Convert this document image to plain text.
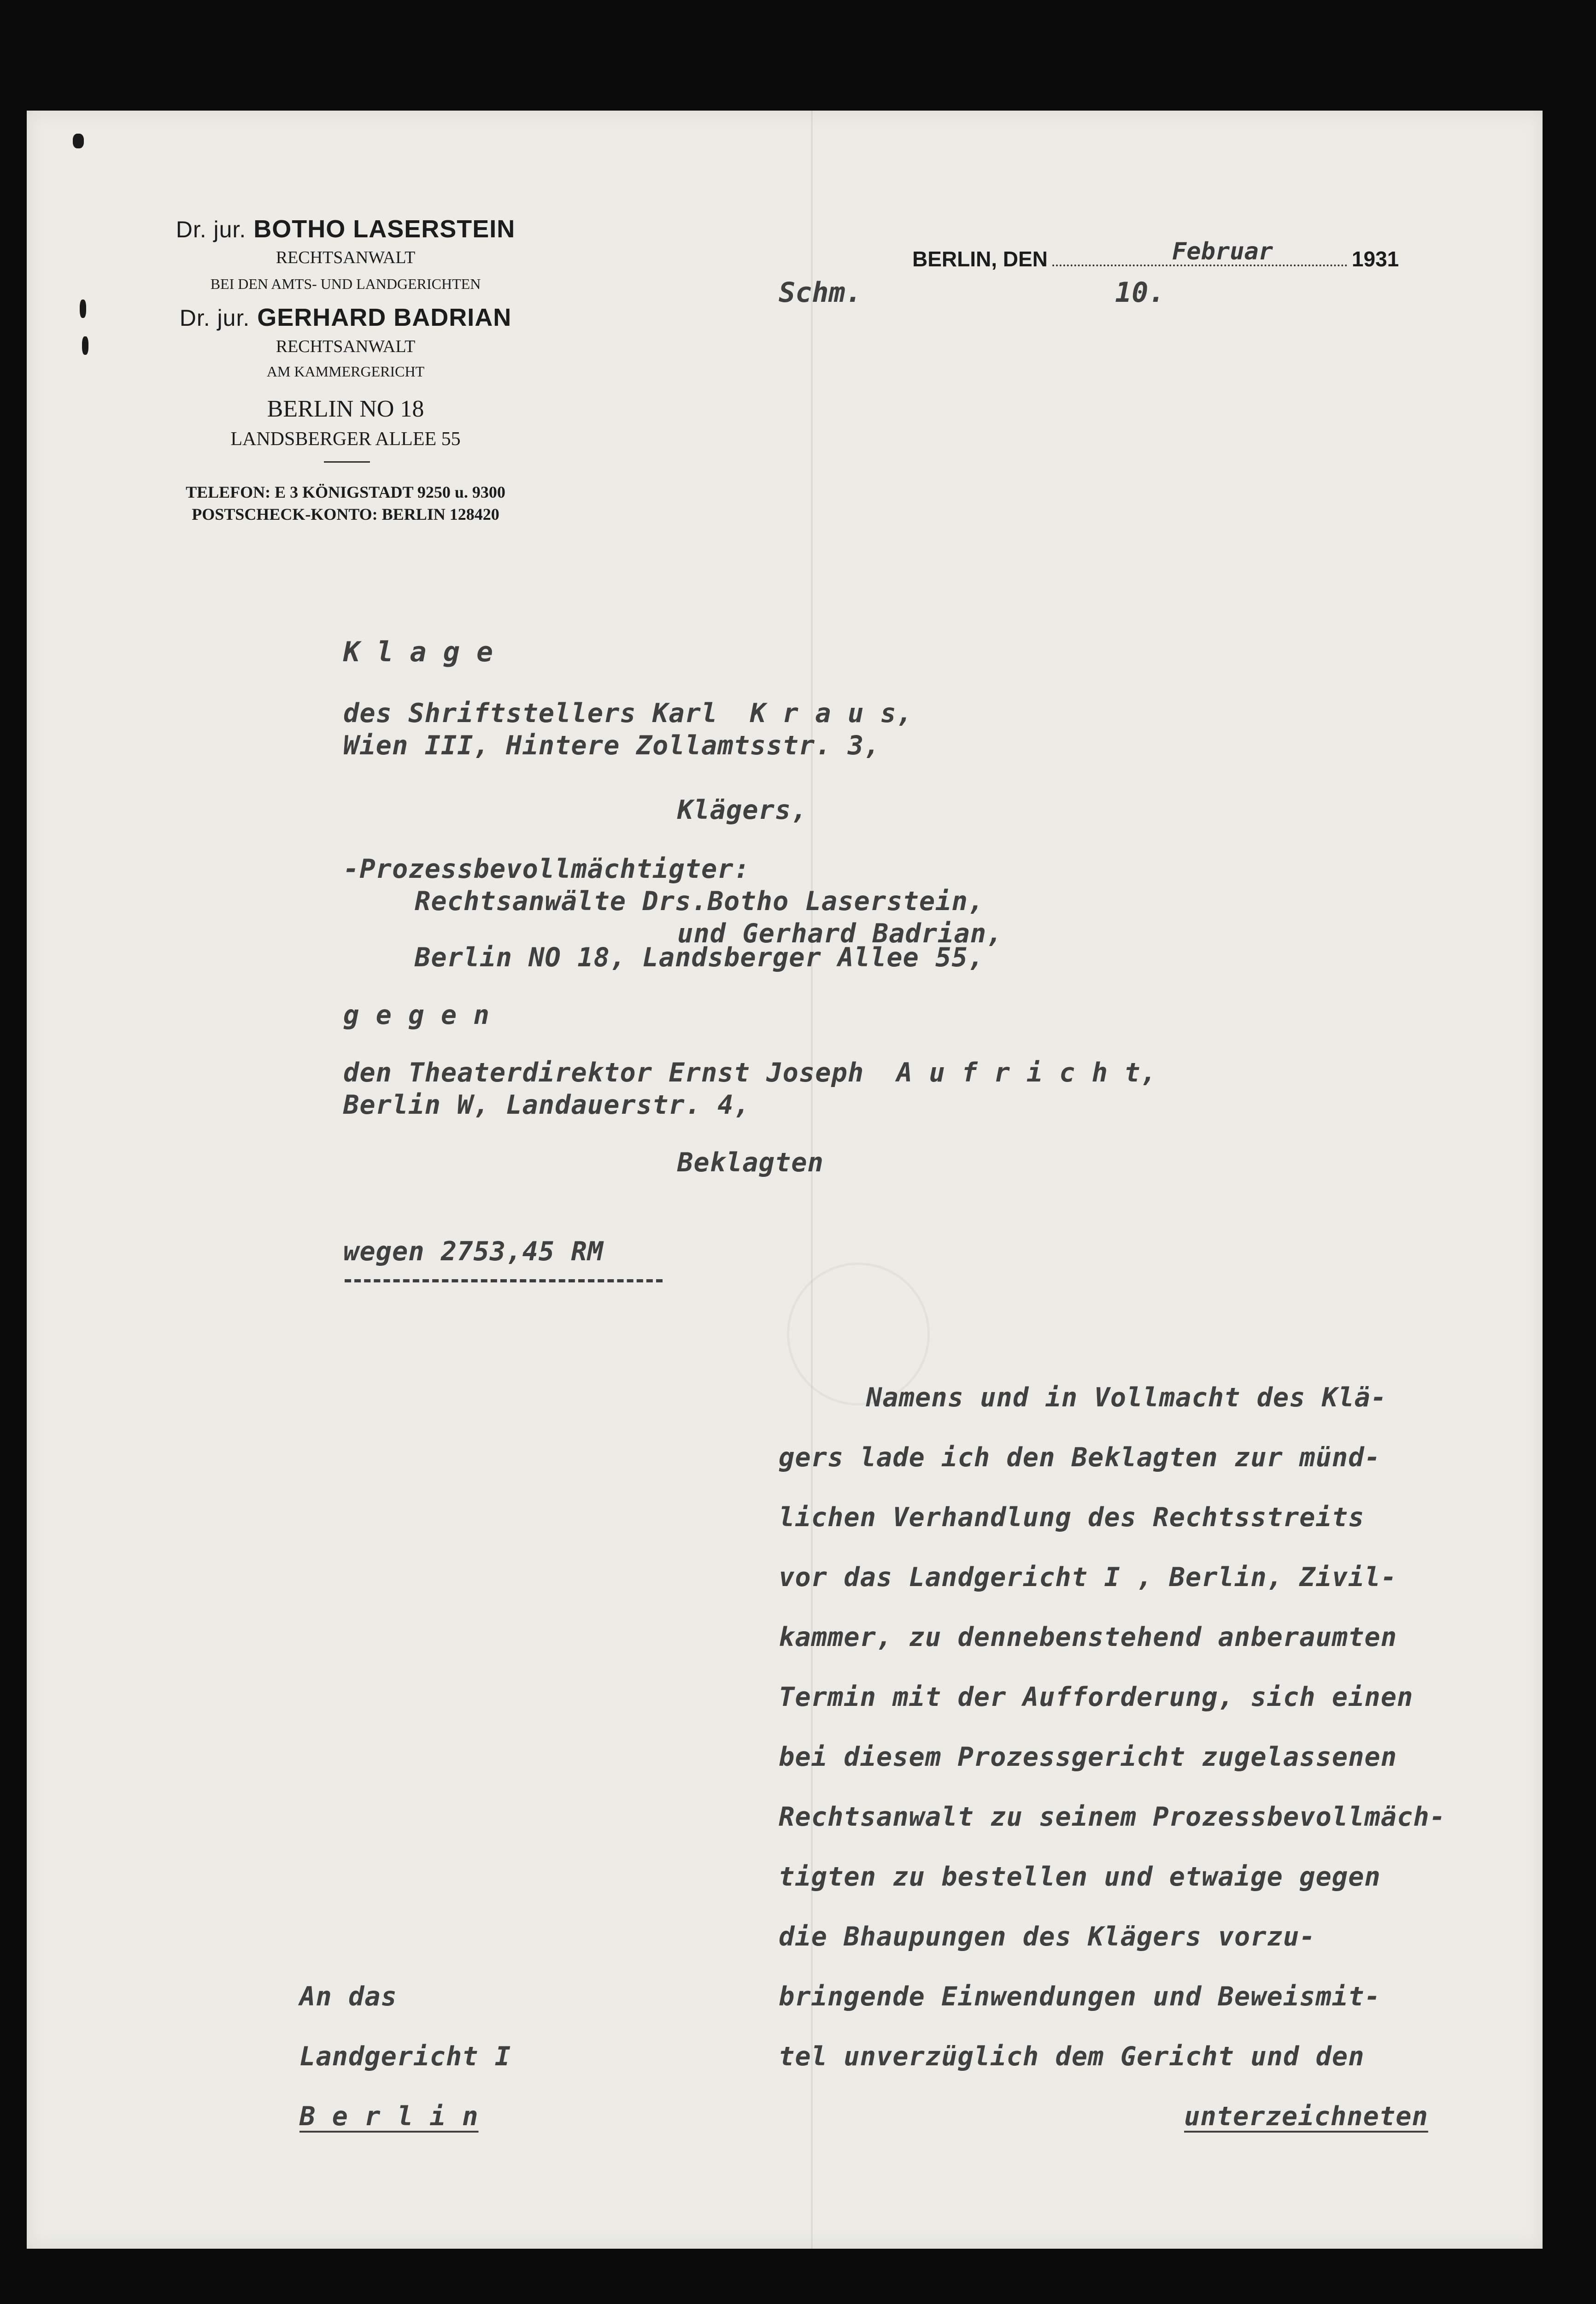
Dr. jur. BOTHO LASERSTEIN
RECHTSANWALT
BEI DEN AMTS- UND LANDGERICHTEN
Dr. jur. GERHARD BADRIAN
RECHTSANWALT
AM KAMMERGERICHT
BERLIN NO 18
LANDSBERGER ALLEE 55
TELEFON: E 3 KÖNIGSTADT 9250 u. 9300
POSTSCHECK-KONTO: BERLIN 128420
BERLIN, DEN	Februar	1931
Schm.	10.
K l a g e
des Shriftstellers Karl  K r a u s,
Wien III, Hintere Zollamtsstr. 3,
Klägers,
-Prozessbevollmächtigter:
Rechtsanwälte Drs.Botho Laserstein,
und Gerhard Badrian,
Berlin NO 18, Landsberger Allee 55,
g e g e n
den Theaterdirektor Ernst Joseph  A u f r i c h t,
Berlin W, Landauerstr. 4,
Beklagten
wegen 2753,45 RM
Namens und in Vollmacht des Klä-
gers lade ich den Beklagten zur münd-
lichen Verhandlung des Rechtsstreits
vor das Landgericht I , Berlin, Zivil-
kammer, zu dennebenstehend anberaumten
Termin mit der Aufforderung, sich einen
bei diesem Prozessgericht zugelassenen
Rechtsanwalt zu seinem Prozessbevollmäch-
tigten zu bestellen und etwaige gegen
die Bhaupungen des Klägers vorzu-
bringende Einwendungen und Beweismit-
tel unverzüglich dem Gericht und den
unterzeichneten
An das
Landgericht I
B e r l i n
